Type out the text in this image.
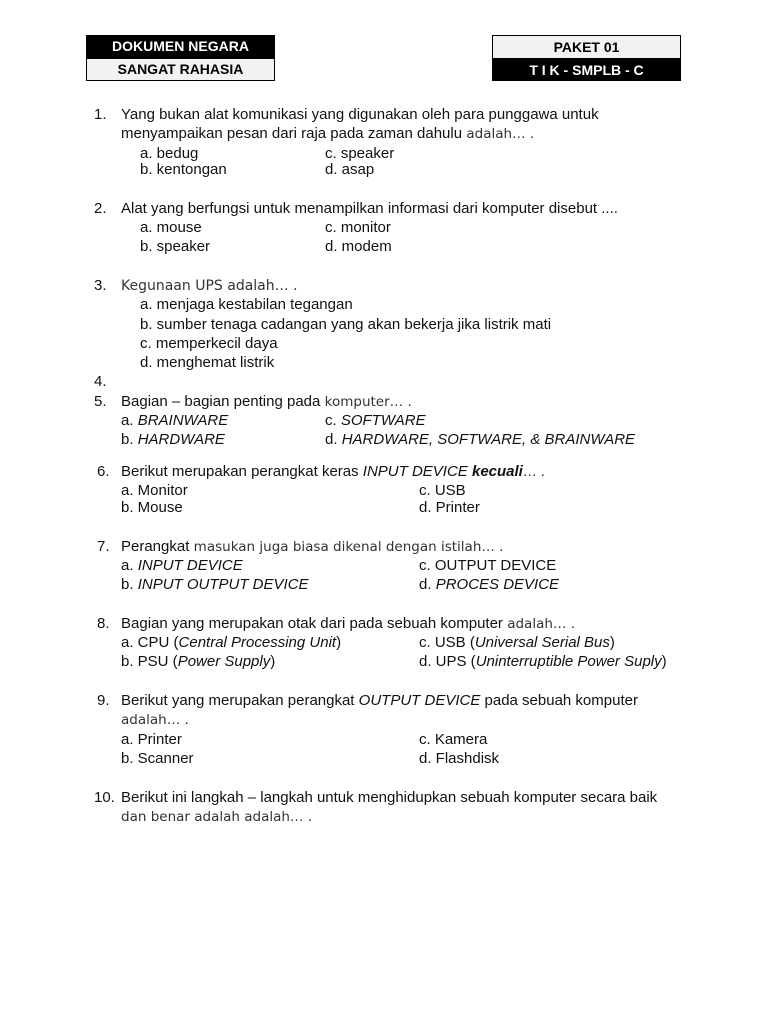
DOKUMEN NEGARA
SANGAT RAHASIA
PAKET 01
T I K - SMPLB - C
1. Yang bukan alat komunikasi yang digunakan oleh para punggawa untuk
menyampaikan pesan dari raja pada zaman dahulu adalah… .
a. bedug	c. speaker
b. kentongan	d. asap
2. Alat yang berfungsi untuk menampilkan informasi dari komputer disebut ....
a. mouse	c. monitor
b. speaker	d. modem
3. Kegunaan UPS adalah… .
a. menjaga kestabilan tegangan
b. sumber tenaga cadangan yang akan bekerja jika listrik mati
c. memperkecil daya
d. menghemat listrik
4.
5. Bagian – bagian penting pada komputer… .
a. BRAINWARE	c. SOFTWARE
b. HARDWARE	d. HARDWARE, SOFTWARE, & BRAINWARE
6. Berikut merupakan perangkat keras INPUT DEVICE kecuali… .
a. Monitor	c. USB
b. Mouse	d. Printer
7. Perangkat masukan juga biasa dikenal dengan istilah… .
a. INPUT DEVICE	c. OUTPUT DEVICE
b. INPUT OUTPUT DEVICE	d. PROCES DEVICE
8. Bagian yang merupakan otak dari pada sebuah komputer adalah… .
a. CPU (Central Processing Unit)	c. USB (Universal Serial Bus)
b. PSU (Power Supply)	d. UPS (Uninterruptible Power Suply)
9. Berikut yang merupakan perangkat OUTPUT DEVICE pada sebuah komputer
adalah… .
a. Printer	c. Kamera
b. Scanner	d. Flashdisk
10. Berikut ini langkah – langkah untuk menghidupkan sebuah komputer secara baik
dan benar adalah adalah… .
